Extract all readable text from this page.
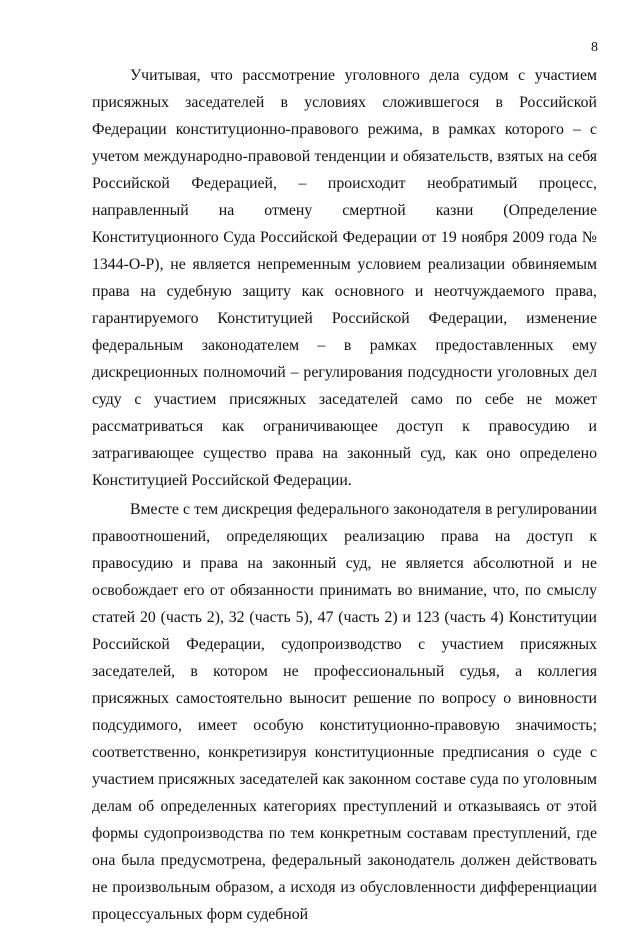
8

Учитывая, что рассмотрение уголовного дела судом с участием присяжных заседателей в условиях сложившегося в Российской Федерации конституционно-правового режима, в рамках которого – с учетом международно-правовой тенденции и обязательств, взятых на себя Российской Федерацией, – происходит необратимый процесс, направленный на отмену смертной казни (Определение Конституционного Суда Российской Федерации от 19 ноября 2009 года № 1344-О-Р), не является непременным условием реализации обвиняемым права на судебную защиту как основного и неотчуждаемого права, гарантируемого Конституцией Российской Федерации, изменение федеральным законодателем – в рамках предоставленных ему дискреционных полномочий – регулирования подсудности уголовных дел суду с участием присяжных заседателей само по себе не может рассматриваться как ограничивающее доступ к правосудию и затрагивающее существо права на законный суд, как оно определено Конституцией Российской Федерации.

Вместе с тем дискреция федерального законодателя в регулировании правоотношений, определяющих реализацию права на доступ к правосудию и права на законный суд, не является абсолютной и не освобождает его от обязанности принимать во внимание, что, по смыслу статей 20 (часть 2), 32 (часть 5), 47 (часть 2) и 123 (часть 4) Конституции Российской Федерации, судопроизводство с участием присяжных заседателей, в котором не профессиональный судья, а коллегия присяжных самостоятельно выносит решение по вопросу о виновности подсудимого, имеет особую конституционно-правовую значимость; соответственно, конкретизируя конституционные предписания о суде с участием присяжных заседателей как законном составе суда по уголовным делам об определенных категориях преступлений и отказываясь от этой формы судопроизводства по тем конкретным составам преступлений, где она была предусмотрена, федеральный законодатель должен действовать не произвольным образом, а исходя из обусловленности дифференциации процессуальных форм судебной
